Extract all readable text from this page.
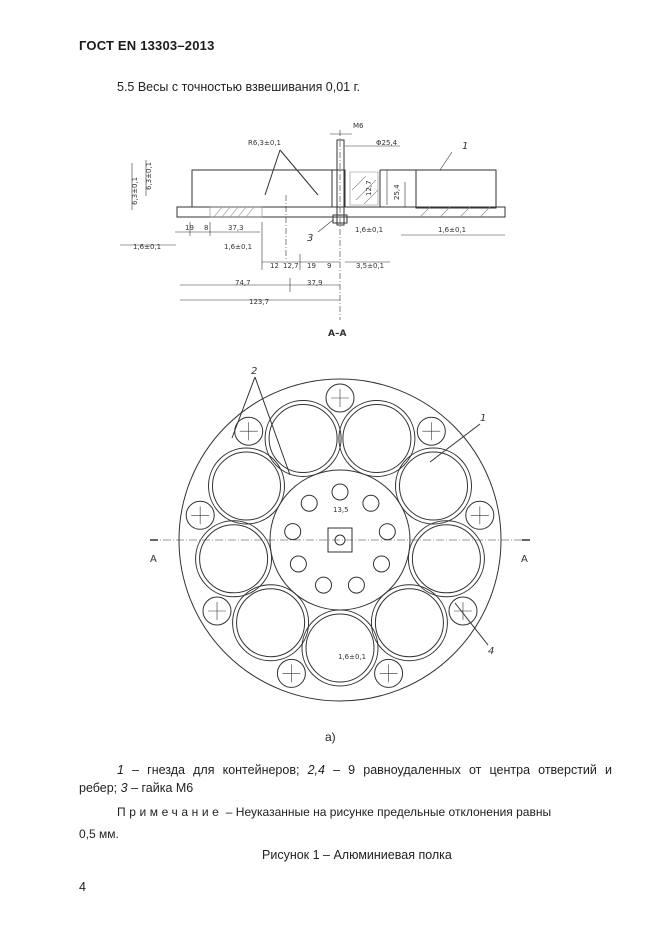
ГОСТ EN 13303–2013
5.5 Весы с точностью взвешивания 0,01 г.
R6,3±0,1
M6
Φ25,4
6,3±0,1
6,3±0,1	12,7	25,4
19 8	37,3
1,6±0,1	1,6±0,1
1,6±0,1	1,6±0,1
12 12,7 19 9	3,5±0,1
74,7	37,9
123,7
1
3
А–А
2
1
4
A	A
13,5
1,6±0,1
а)
1 – гнезда для контейнеров; 2,4 – 9 равноудаленных от центра отверстий и
ребер; 3 – гайка М6
Примечание – Неуказанные на рисунке предельные отклонения равны
0,5 мм.
Рисунок 1 – Алюминиевая полка
4
